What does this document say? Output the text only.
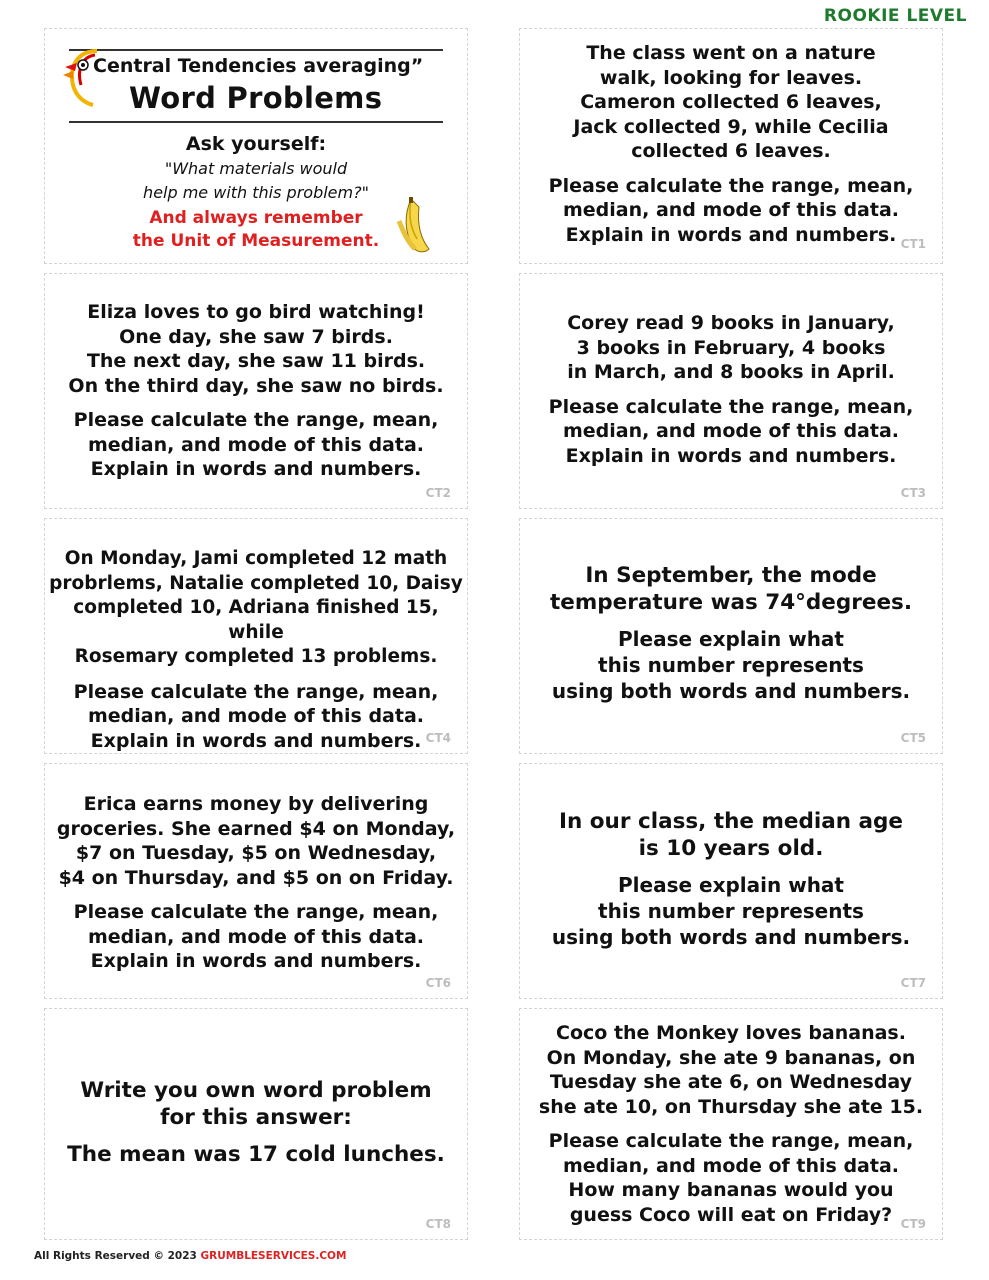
ROOKIE LEVEL
Central Tendencies averaging”
Word Problems
Ask yourself:
"What materials would
help me with this problem?"
And always remember
the Unit of Measurement.

The class went on a nature

walk, looking for leaves.

Cameron collected 6 leaves,

Jack collected 9, while Cecilia

collected 6 leaves.

Please calculate the range, mean,

median, and mode of this data.

Explain in words and numbers. CT1

Eliza loves to go bird watching!

One day, she saw 7 birds.

The next day, she saw 11 birds.

On the third day, she saw no birds.

Please calculate the range, mean,

median, and mode of this data.

Explain in words and numbers.

CT2

Corey read 9 books in January,

3 books in February, 4 books

in March, and 8 books in April.

Please calculate the range, mean,

median, and mode of this data.

Explain in words and numbers.

CT3

On Monday, Jami completed 12 math

probrlems, Natalie completed 10, Daisy

completed 10, Adriana finished 15, while

Rosemary completed 13 problems.

Please calculate the range, mean,

median, and mode of this data.

Explain in words and numbers. CT4

In September, the mode

temperature was 74°degrees.

Please explain what

this number represents

using both words and numbers.

CT5

Erica earns money by delivering

groceries. She earned $4 on Monday,

$7 on Tuesday, $5 on Wednesday,

$4 on Thursday, and $5 on on Friday.

Please calculate the range, mean,

median, and mode of this data.

Explain in words and numbers.

CT6

In our class, the median age

is 10 years old.

Please explain what

this number represents

using both words and numbers.

CT7

Write you own word problem

for this answer:

The mean was 17 cold lunches.

CT8

Coco the Monkey loves bananas.

On Monday, she ate 9 bananas, on

Tuesday she ate 6, on Wednesday

she ate 10, on Thursday she ate 15.

Please calculate the range, mean,

median, and mode of this data.

How many bananas would you

guess Coco will eat on Friday? CT9
All Rights Reserved © 2023 GRUMBLESERVICES.COM
